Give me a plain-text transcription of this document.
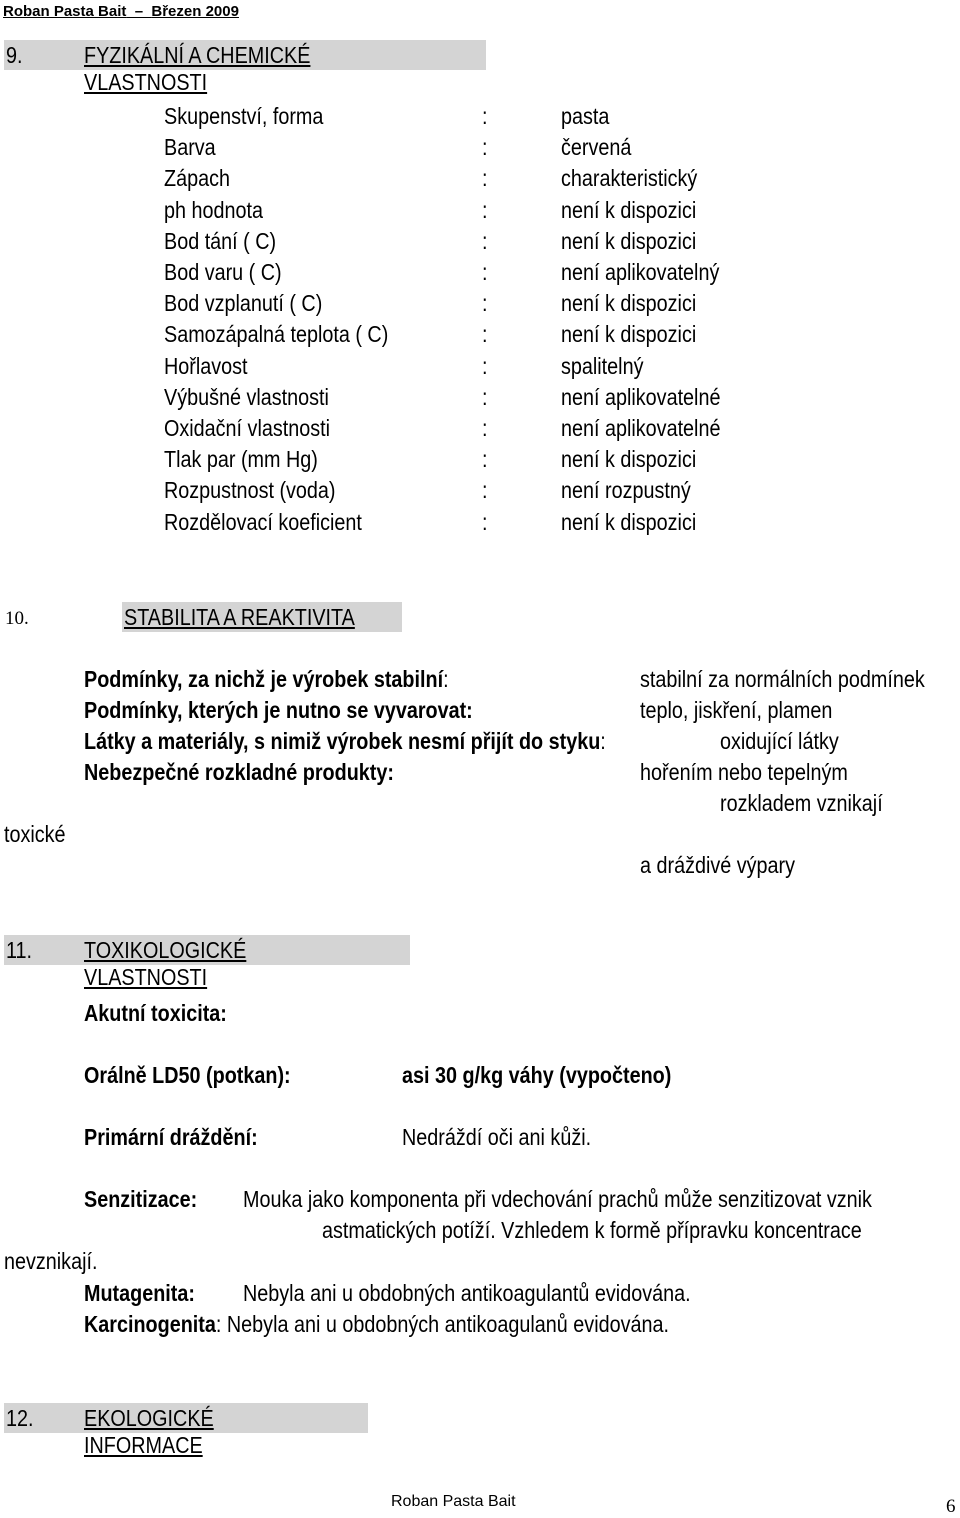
Roban Pasta Bait  –  Březen 2009
9.	FYZIKÁLNÍ A CHEMICKÉ VLASTNOSTI
Skupenství, forma	:	pasta
Barva	:	červená
Zápach	:	charakteristický
ph hodnota	:	není k dispozici
Bod tání ( C)	:	není k dispozici
Bod varu ( C)	:	není aplikovatelný
Bod vzplanutí ( C)	:	není k dispozici
Samozápalná teplota ( C)	:	není k dispozici
Hořlavost	:	spalitelný
Výbušné vlastnosti	:	není aplikovatelné
Oxidační vlastnosti	:	není aplikovatelné
Tlak par (mm Hg)	:	není k dispozici
Rozpustnost (voda)	:	není rozpustný
Rozdělovací koeficient	:	není k dispozici
10.	STABILITA A REAKTIVITA
Podmínky, za nichž je výrobek stabilní:	stabilní za normálních podmínek
Podmínky, kterých je nutno se vyvarovat:	teplo, jiskření, plamen
Látky a materiály, s nimiž výrobek nesmí přijít do styku:	oxidující látky
Nebezpečné rozkladné produkty:	hořením nebo tepelným
rozkladem vznikají
toxické
a dráždivé výpary
11. TOXIKOLOGICKÉ VLASTNOSTI
Akutní toxicita:
Orálně LD50 (potkan):	asi 30 g/kg váhy (vypočteno)
Primární dráždění:	Nedráždí oči ani kůži.
Senzitizace: Mouka jako komponenta při vdechování prachů může senzitizovat vznik
astmatických potíží. Vzhledem k formě přípravku koncentrace
nevznikají.
Mutagenita: Nebyla ani u obdobných antikoagulantů evidována.
Karcinogenita: Nebyla ani u obdobných antikoagulanů evidována.
12. EKOLOGICKÉ INFORMACE
Roban Pasta Bait	6
